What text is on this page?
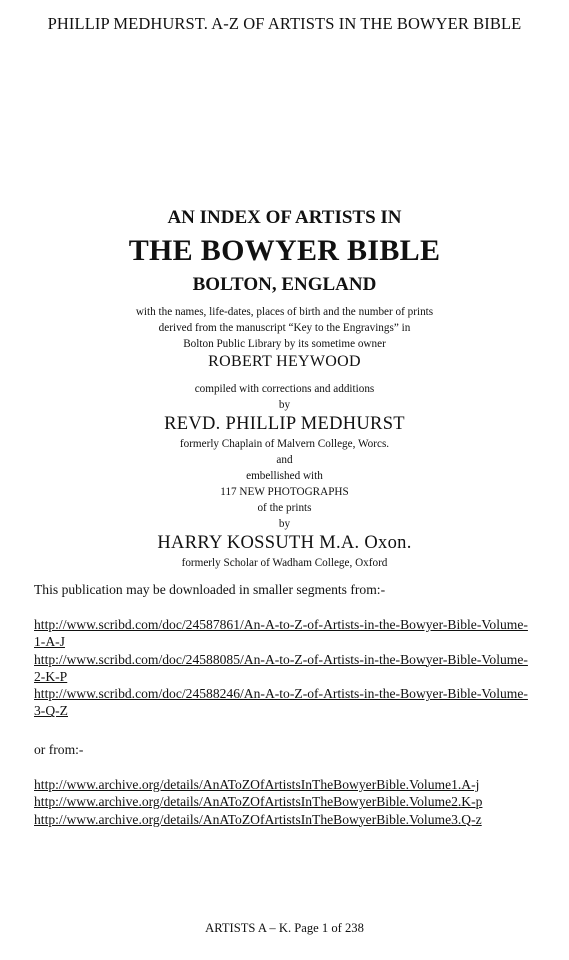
PHILLIP MEDHURST. A-Z OF ARTISTS IN THE BOWYER BIBLE
AN INDEX OF ARTISTS IN
THE BOWYER BIBLE
BOLTON, ENGLAND
with the names, life-dates, places of birth and the number of prints
derived from the manuscript “Key to the Engravings” in
Bolton Public Library by its sometime owner
ROBERT HEYWOOD
compiled with corrections and additions
by
REVD. PHILLIP MEDHURST
formerly Chaplain of Malvern College, Worcs.
and
embellished with
117 NEW PHOTOGRAPHS
of the prints
by
HARRY KOSSUTH M.A. Oxon.
formerly Scholar of Wadham College, Oxford

This publication may be downloaded in smaller segments from:-

http://www.scribd.com/doc/24587861/An-A-to-Z-of-Artists-in-the-Bowyer-Bible-Volume-1-A-J
http://www.scribd.com/doc/24588085/An-A-to-Z-of-Artists-in-the-Bowyer-Bible-Volume-2-K-P
http://www.scribd.com/doc/24588246/An-A-to-Z-of-Artists-in-the-Bowyer-Bible-Volume-3-Q-Z

or from:-

http://www.archive.org/details/AnAToZOfArtistsInTheBowyerBible.Volume1.A-j
http://www.archive.org/details/AnAToZOfArtistsInTheBowyerBible.Volume2.K-p
http://www.archive.org/details/AnAToZOfArtistsInTheBowyerBible.Volume3.Q-z
ARTISTS A – K. Page 1 of 238
